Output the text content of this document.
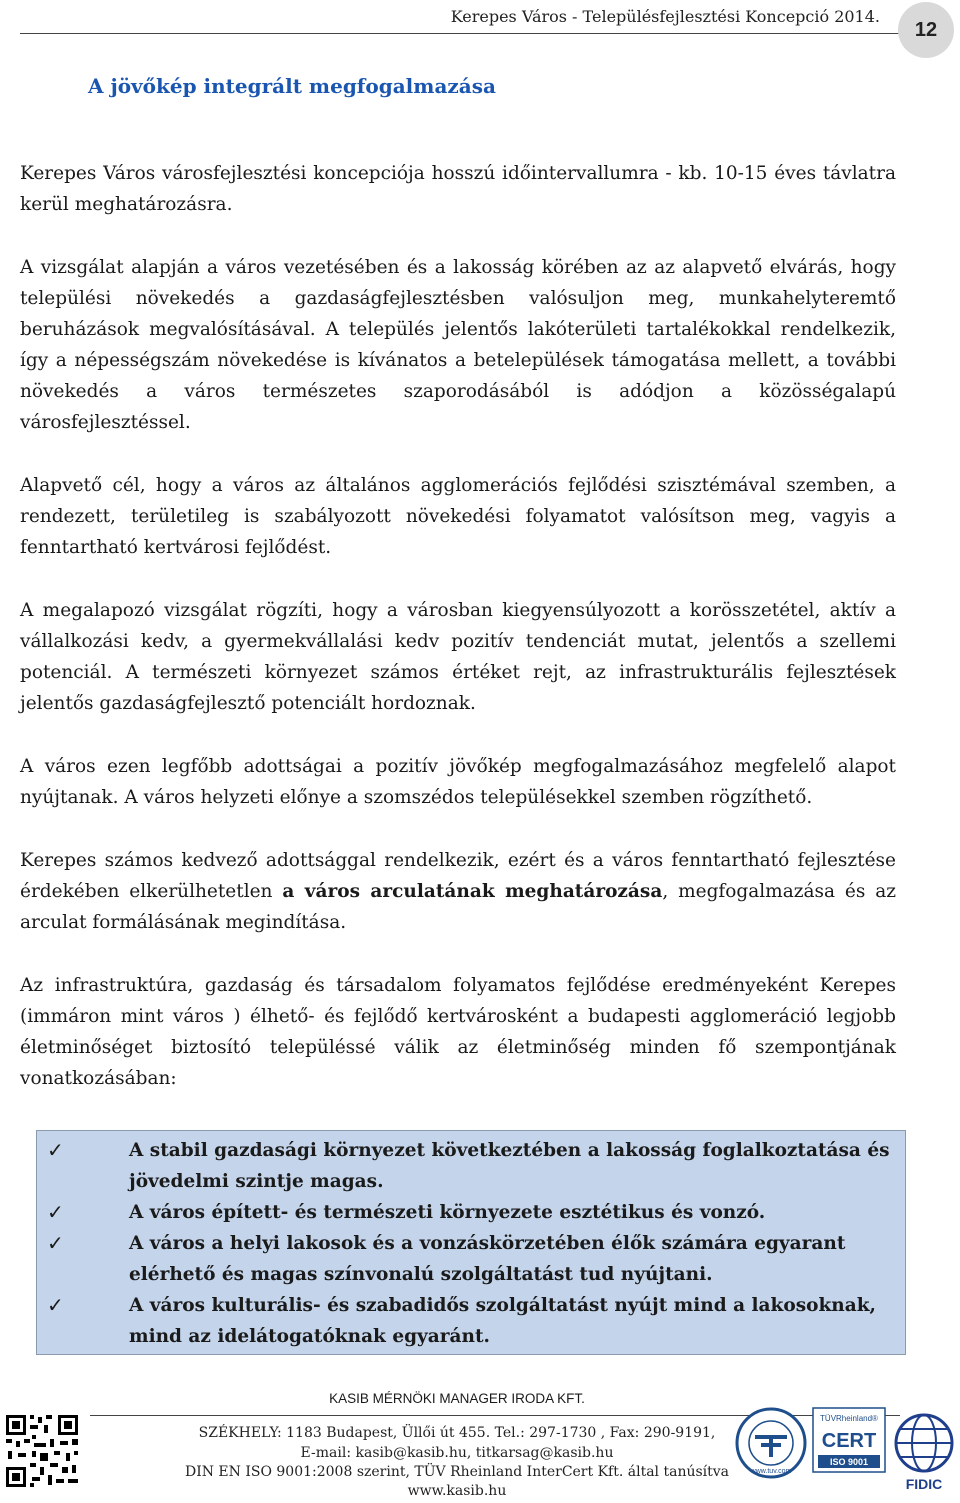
Kerepes Város - Településfejlesztési Koncepció 2014.
12
A jövőkép integrált megfogalmazása

Kerepes Város városfejlesztési koncepciója hosszú időintervallumra - kb. 10-15 éves távlatra kerül meghatározásra.

A vizsgálat alapján a város vezetésében és a lakosság körében az az alapvető elvárás, hogy települési növekedés a gazdaságfejlesztésben valósuljon meg, munkahelyteremtő beruházások megvalósításával. A település jelentős lakóterületi tartalékokkal rendelkezik, így a népességszám növekedése is kívánatos a betelepülések támogatása mellett, a további növekedés a város természetes szaporodásából is adódjon a közösségalapú városfejlesztéssel.

Alapvető cél, hogy a város az általános agglomerációs fejlődési szisztémával szemben, a rendezett, területileg is szabályozott növekedési folyamatot valósítson meg, vagyis a fenntartható kertvárosi fejlődést.

A megalapozó vizsgálat rögzíti, hogy a városban kiegyensúlyozott a korösszetétel, aktív a vállalkozási kedv, a gyermekvállalási kedv pozitív tendenciát mutat, jelentős a szellemi potenciál. A természeti környezet számos értéket rejt, az infrastrukturális fejlesztések jelentős gazdaságfejlesztő potenciált hordoznak.

A város ezen legfőbb adottságai a pozitív jövőkép megfogalmazásához megfelelő alapot nyújtanak. A város helyzeti előnye a szomszédos településekkel szemben rögzíthető.

Kerepes számos kedvező adottsággal rendelkezik, ezért és a város fenntartható fejlesztése érdekében elkerülhetetlen a város arculatának meghatározása, megfogalmazása és az arculat formálásának megindítása.

Az infrastruktúra, gazdaság és társadalom folyamatos fejlődése eredményeként Kerepes (immáron mint város ) élhető- és fejlődő kertvárosként a budapesti agglomeráció legjobb életminőséget biztosító településsé válik az életminőség minden fő szempontjának vonatkozásában:

✓	A stabil gazdasági környezet következtében a lakosság foglalkoztatása és jövedelmi szintje magas.
✓	A város épített- és természeti környezete esztétikus és vonzó.
✓	A város a helyi lakosok és a vonzáskörzetében élők számára egyarant elérhető és magas színvonalú szolgáltatást tud nyújtani.
✓	A város kulturális- és szabadidős szolgáltatást nyújt mind a lakosoknak, mind az idelátogatóknak egyaránt.
KASIB MÉRNÖKI MANAGER IRODA KFT.
SZÉKHELY: 1183 Budapest, Üllői út 455. Tel.: 297-1730 , Fax: 290-9191,
E-mail: kasib@kasib.hu, titkarsag@kasib.hu
DIN EN ISO 9001:2008 szerint, TÜV Rheinland InterCert Kft. által tanúsítva
www.kasib.hu
www.tuv.com
TÜVRheinland®
CERT
ISO 9001
FIDIC
